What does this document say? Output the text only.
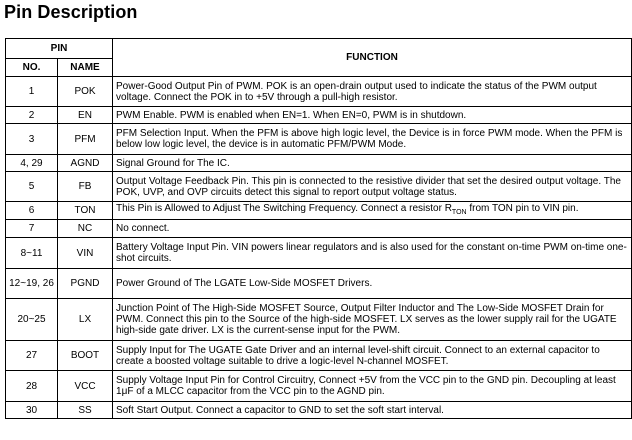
Pin Description
PIN		FUNCTION
NO.	NAME	
1	POK	Power-Good Output Pin of PWM. POK is an open-drain output used to indicate the status of the PWM output voltage. Connect the POK in to +5V through a pull-high resistor.
2	EN	PWM Enable. PWM is enabled when EN=1. When EN=0, PWM is in shutdown.
3	PFM	PFM Selection Input. When the PFM is above high logic level, the Device is in force PWM mode. When the PFM is below low logic level, the device is in automatic PFM/PWM Mode.
4, 29	AGND	Signal Ground for The IC.
5	FB	Output Voltage Feedback Pin. This pin is connected to the resistive divider that set the desired output voltage. The POK, UVP, and OVP circuits detect this signal to report output voltage status.
6	TON	This Pin is Allowed to Adjust The Switching Frequency. Connect a resistor $R_{TON}$ from TON pin to VIN pin.
7	NC	No connect.
8~11	VIN	Battery Voltage Input Pin. VIN powers linear regulators and is also used for the constant on-time PWM on-time one-shot circuits.
12~19, 26	PGND	Power Ground of The LGATE Low-Side MOSFET Drivers.
20~25	LX	Junction Point of The High-Side MOSFET Source, Output Filter Inductor and The Low-Side MOSFET Drain for PWM. Connect this pin to the Source of the high-side MOSFET. LX serves as the lower supply rail for the UGATE high-side gate driver. LX is the current-sense input for the PWM.
27	BOOT	Supply Input for The UGATE Gate Driver and an internal level-shift circuit. Connect to an external capacitor to create a boosted voltage suitable to drive a logic-level N-channel MOSFET.
28	VCC	Supply Voltage Input Pin for Control Circuitry, Connect +5V from the VCC pin to the GND pin. Decoupling at least 1μF of a MLCC capacitor from the VCC pin to the AGND pin.
30	SS	Soft Start Output. Connect a capacitor to GND to set the soft start interval.
